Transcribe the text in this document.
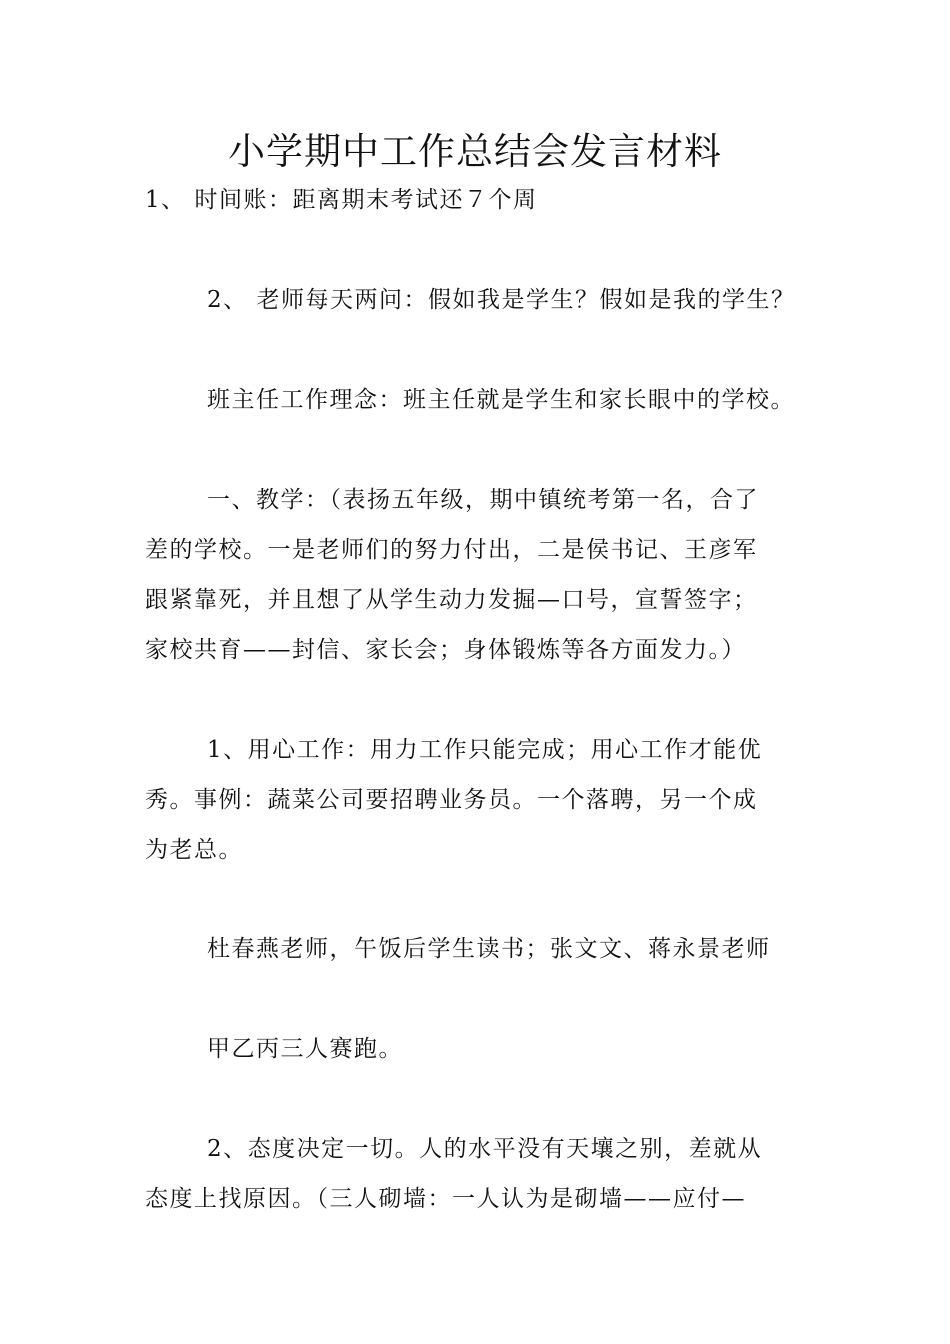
小学期中工作总结会发言材料
1、 时间账：距离期末考试还７个周
2、 老师每天两问：假如我是学生？假如是我的学生？
班主任工作理念：班主任就是学生和家长眼中的学校。
一、教学：（表扬五年级，期中镇统考第一名，合了
差的学校。一是老师们的努力付出，二是侯书记、王彦军
跟紧靠死，并且想了从学生动力发掘—口号，宣誓签字；
家校共育——封信、家长会；身体锻炼等各方面发力。）
1、用心工作：用力工作只能完成；用心工作才能优
秀。事例：蔬菜公司要招聘业务员。一个落聘，另一个成
为老总。
杜春燕老师，午饭后学生读书；张文文、蒋永景老师
甲乙丙三人赛跑。
2、态度决定一切。人的水平没有天壤之别，差就从
态度上找原因。（三人砌墙：一人认为是砌墙——应付—
